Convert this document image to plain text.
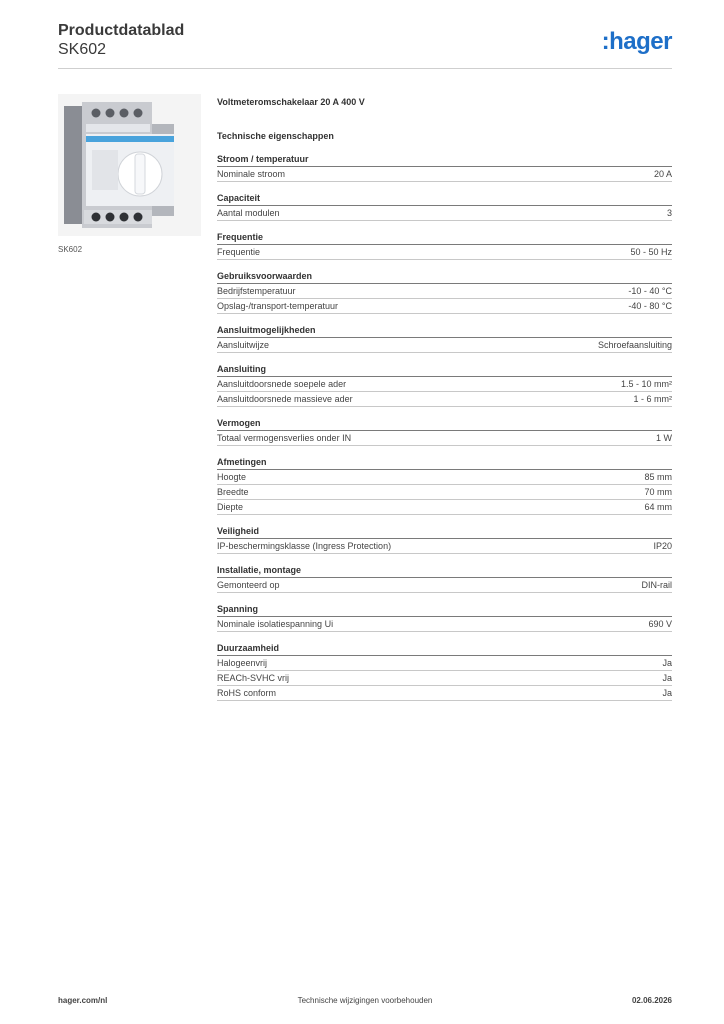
Productdatablad
SK602	:hager
SK602
Voltmeteromschakelaar 20 A 400 V
Technische eigenschappen
Stroom / temperatuur
Nominale stroom	20 A
Capaciteit
Aantal modulen	3
Frequentie
Frequentie	50 - 50 Hz
Gebruiksvoorwaarden
Bedrijfstemperatuur	-10 - 40 °C
Opslag-/transport-temperatuur	-40 - 80 °C
Aansluitmogelijkheden
Aansluitwijze	Schroefaansluiting
Aansluiting
Aansluitdoorsnede soepele ader	1.5 - 10 mm²
Aansluitdoorsnede massieve ader	1 - 6 mm²
Vermogen
Totaal vermogensverlies onder IN	1 W
Afmetingen
Hoogte	85 mm
Breedte	70 mm
Diepte	64 mm
Veiligheid
IP-beschermingsklasse (Ingress Protection)	IP20
Installatie, montage
Gemonteerd op	DIN-rail
Spanning
Nominale isolatiespanning Ui	690 V
Duurzaamheid
Halogeenvrij	Ja
REACh-SVHC vrij	Ja
RoHS conform	Ja
hager.com/nl	Technische wijzigingen voorbehouden	02.06.2026
